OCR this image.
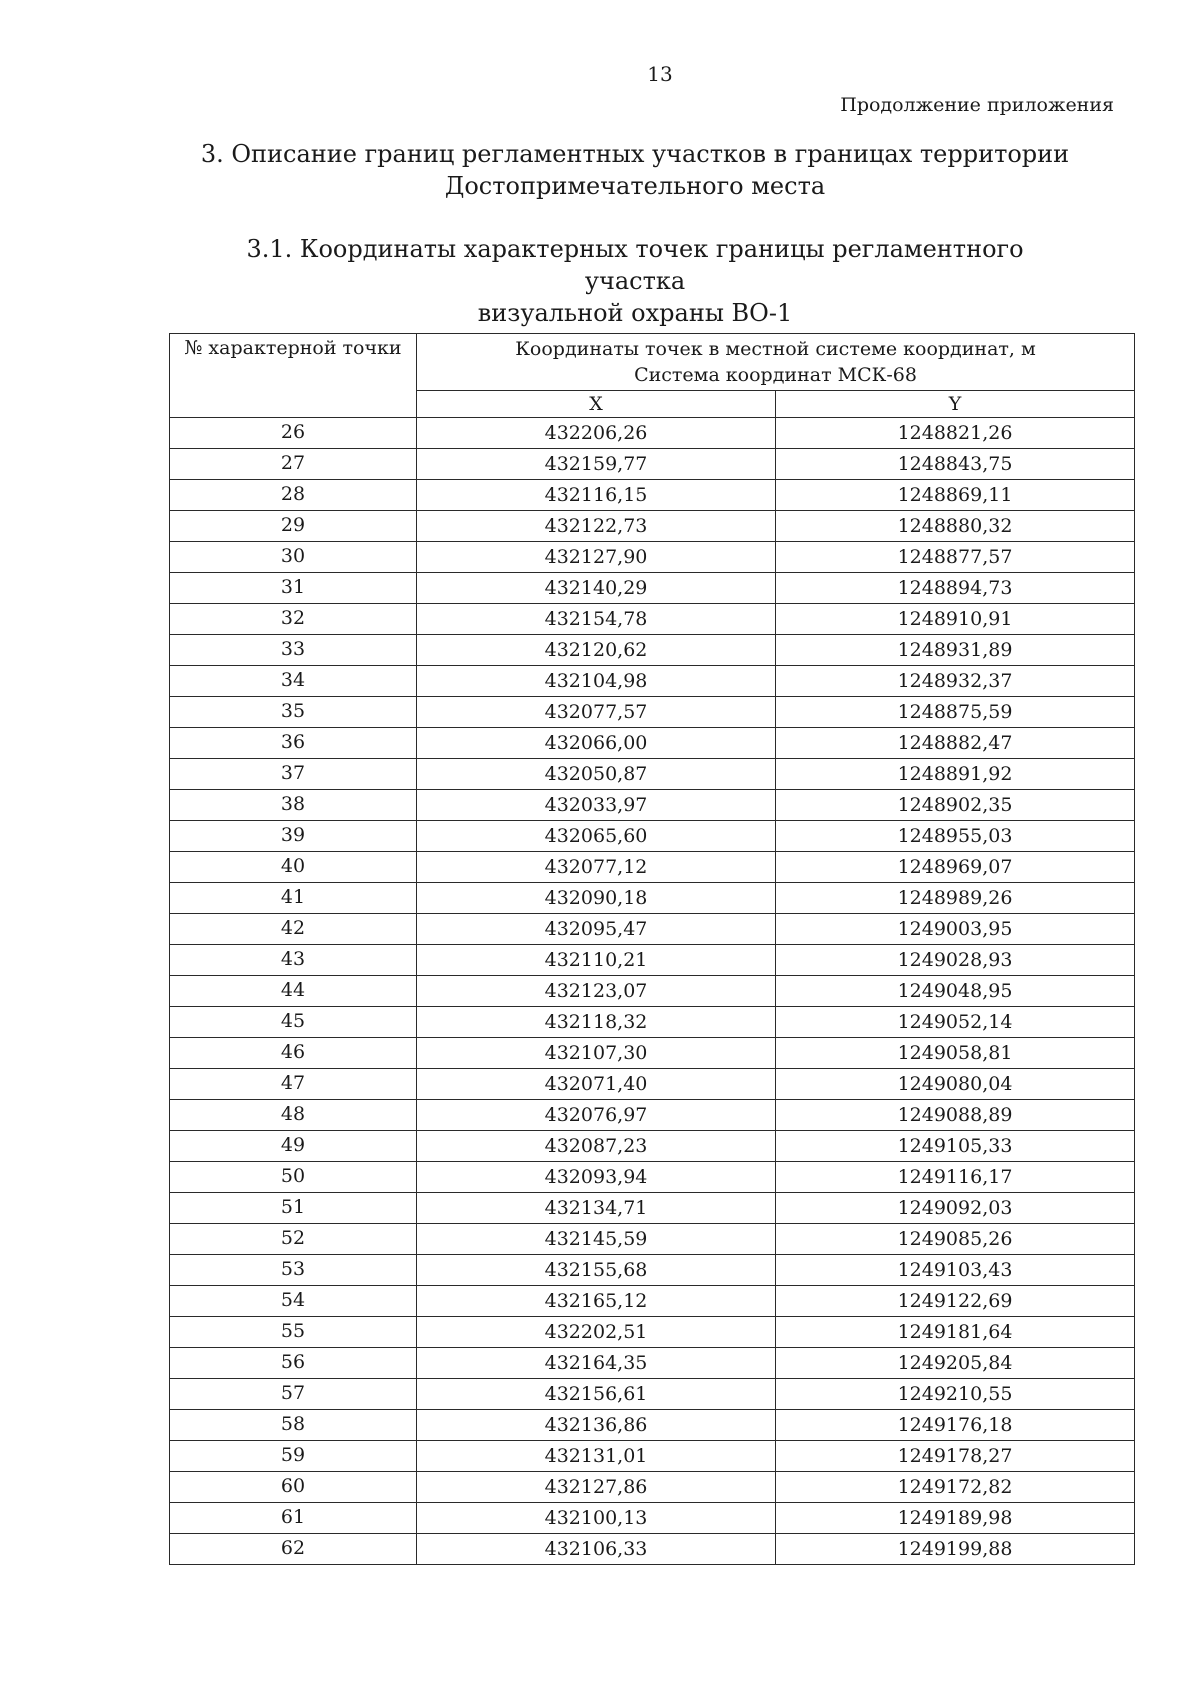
13
Продолжение приложения
3. Описание границ регламентных участков в границах территории
Достопримечательного места
3.1. Координаты характерных точек границы регламентного участка
визуальной охраны ВО-1
№ характерной точки	Координаты точек в местной системе координат, м
Система координат МСК-68	

	X	Y
26	432206,26	1248821,26
27	432159,77	1248843,75
28	432116,15	1248869,11
29	432122,73	1248880,32
30	432127,90	1248877,57
31	432140,29	1248894,73
32	432154,78	1248910,91
33	432120,62	1248931,89
34	432104,98	1248932,37
35	432077,57	1248875,59
36	432066,00	1248882,47
37	432050,87	1248891,92
38	432033,97	1248902,35
39	432065,60	1248955,03
40	432077,12	1248969,07
41	432090,18	1248989,26
42	432095,47	1249003,95
43	432110,21	1249028,93
44	432123,07	1249048,95
45	432118,32	1249052,14
46	432107,30	1249058,81
47	432071,40	1249080,04
48	432076,97	1249088,89
49	432087,23	1249105,33
50	432093,94	1249116,17
51	432134,71	1249092,03
52	432145,59	1249085,26
53	432155,68	1249103,43
54	432165,12	1249122,69
55	432202,51	1249181,64
56	432164,35	1249205,84
57	432156,61	1249210,55
58	432136,86	1249176,18
59	432131,01	1249178,27
60	432127,86	1249172,82
61	432100,13	1249189,98
62	432106,33	1249199,88
